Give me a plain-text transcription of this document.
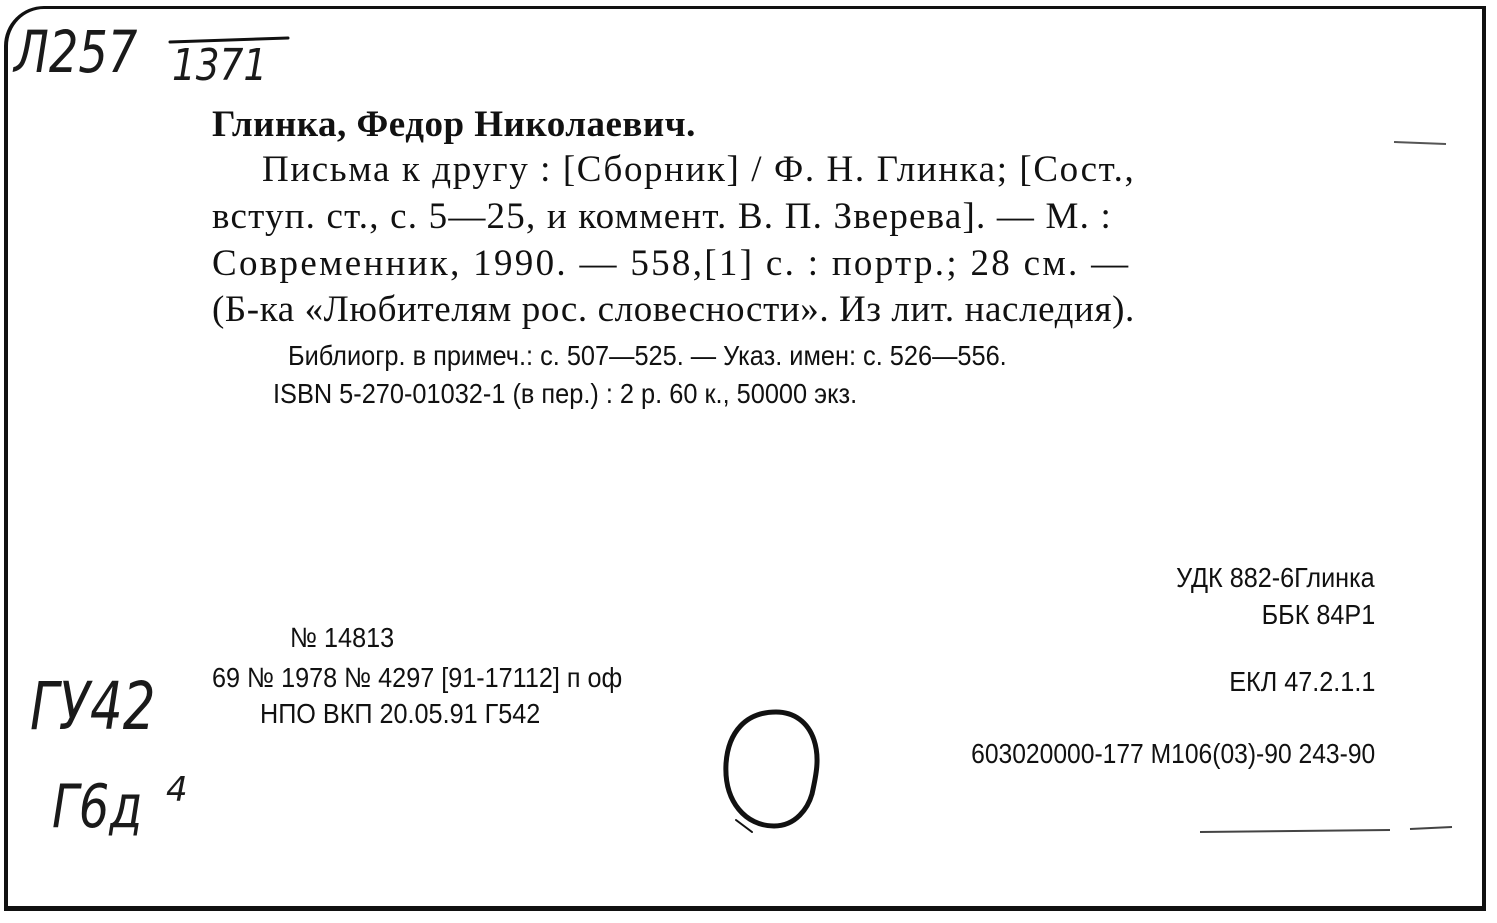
Л257 1371
Глинка, Федор Николаевич.
Письма к другу : [Сборник] / Ф. Н. Глинка; [Сост.,
вступ. ст., с. 5—25, и коммент. В. П. Зверева]. — М. :
Современник, 1990. — 558,[1] с. : портр.; 28 см. —
(Б-ка «Любителям рос. словесности». Из лит. наследия).
Библиогр. в примеч.: с. 507—525. — Указ. имен: с. 526—556.
ISBN 5-270-01032-1 (в пер.) : 2 р. 60 к., 50000 экз.
УДК 882-6Глинка
ББК 84Р1
ЕКЛ 47.2.1.1
603020000-177 М106(03)-90 243-90
№ 14813
69 № 1978 № 4297 [91-17112] п оф
НПО ВКП 20.05.91 Г542
ГУ42
Г6д 4
